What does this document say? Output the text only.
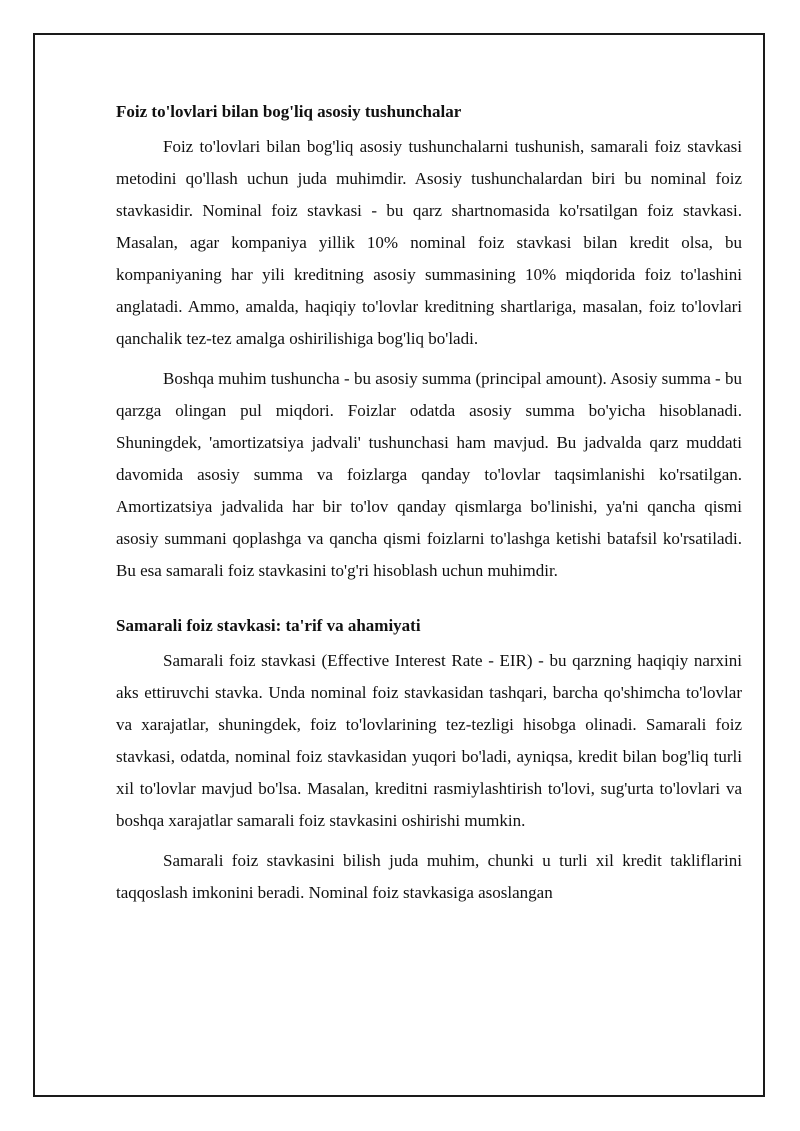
Foiz to'lovlari bilan bog'liq asosiy tushunchalar

Foiz to'lovlari bilan bog'liq asosiy tushunchalarni tushunish, samarali foiz stavkasi metodini qo'llash uchun juda muhimdir. Asosiy tushunchalardan biri bu nominal foiz stavkasidir. Nominal foiz stavkasi - bu qarz shartnomasida ko'rsatilgan foiz stavkasi. Masalan, agar kompaniya yillik 10% nominal foiz stavkasi bilan kredit olsa, bu kompaniyaning har yili kreditning asosiy summasining 10% miqdorida foiz to'lashini anglatadi. Ammo, amalda, haqiqiy to'lovlar kreditning shartlariga, masalan, foiz to'lovlari qanchalik tez-tez amalga oshirilishiga bog'liq bo'ladi.

Boshqa muhim tushuncha - bu asosiy summa (principal amount). Asosiy summa - bu qarzga olingan pul miqdori. Foizlar odatda asosiy summa bo'yicha hisoblanadi. Shuningdek, 'amortizatsiya jadvali' tushunchasi ham mavjud. Bu jadvalda qarz muddati davomida asosiy summa va foizlarga qanday to'lovlar taqsimlanishi ko'rsatilgan. Amortizatsiya jadvalida har bir to'lov qanday qismlarga bo'linishi, ya'ni qancha qismi asosiy summani qoplashga va qancha qismi foizlarni to'lashga ketishi batafsil ko'rsatiladi. Bu esa samarali foiz stavkasini to'g'ri hisoblash uchun muhimdir.

Samarali foiz stavkasi: ta'rif va ahamiyati

Samarali foiz stavkasi (Effective Interest Rate - EIR) - bu qarzning haqiqiy narxini aks ettiruvchi stavka. Unda nominal foiz stavkasidan tashqari, barcha qo'shimcha to'lovlar va xarajatlar, shuningdek, foiz to'lovlarining tez-tezligi hisobga olinadi. Samarali foiz stavkasi, odatda, nominal foiz stavkasidan yuqori bo'ladi, ayniqsa, kredit bilan bog'liq turli xil to'lovlar mavjud bo'lsa. Masalan, kreditni rasmiylashtirish to'lovi, sug'urta to'lovlari va boshqa xarajatlar samarali foiz stavkasini oshirishi mumkin.

Samarali foiz stavkasini bilish juda muhim, chunki u turli xil kredit takliflarini taqqoslash imkonini beradi. Nominal foiz stavkasiga asoslangan
